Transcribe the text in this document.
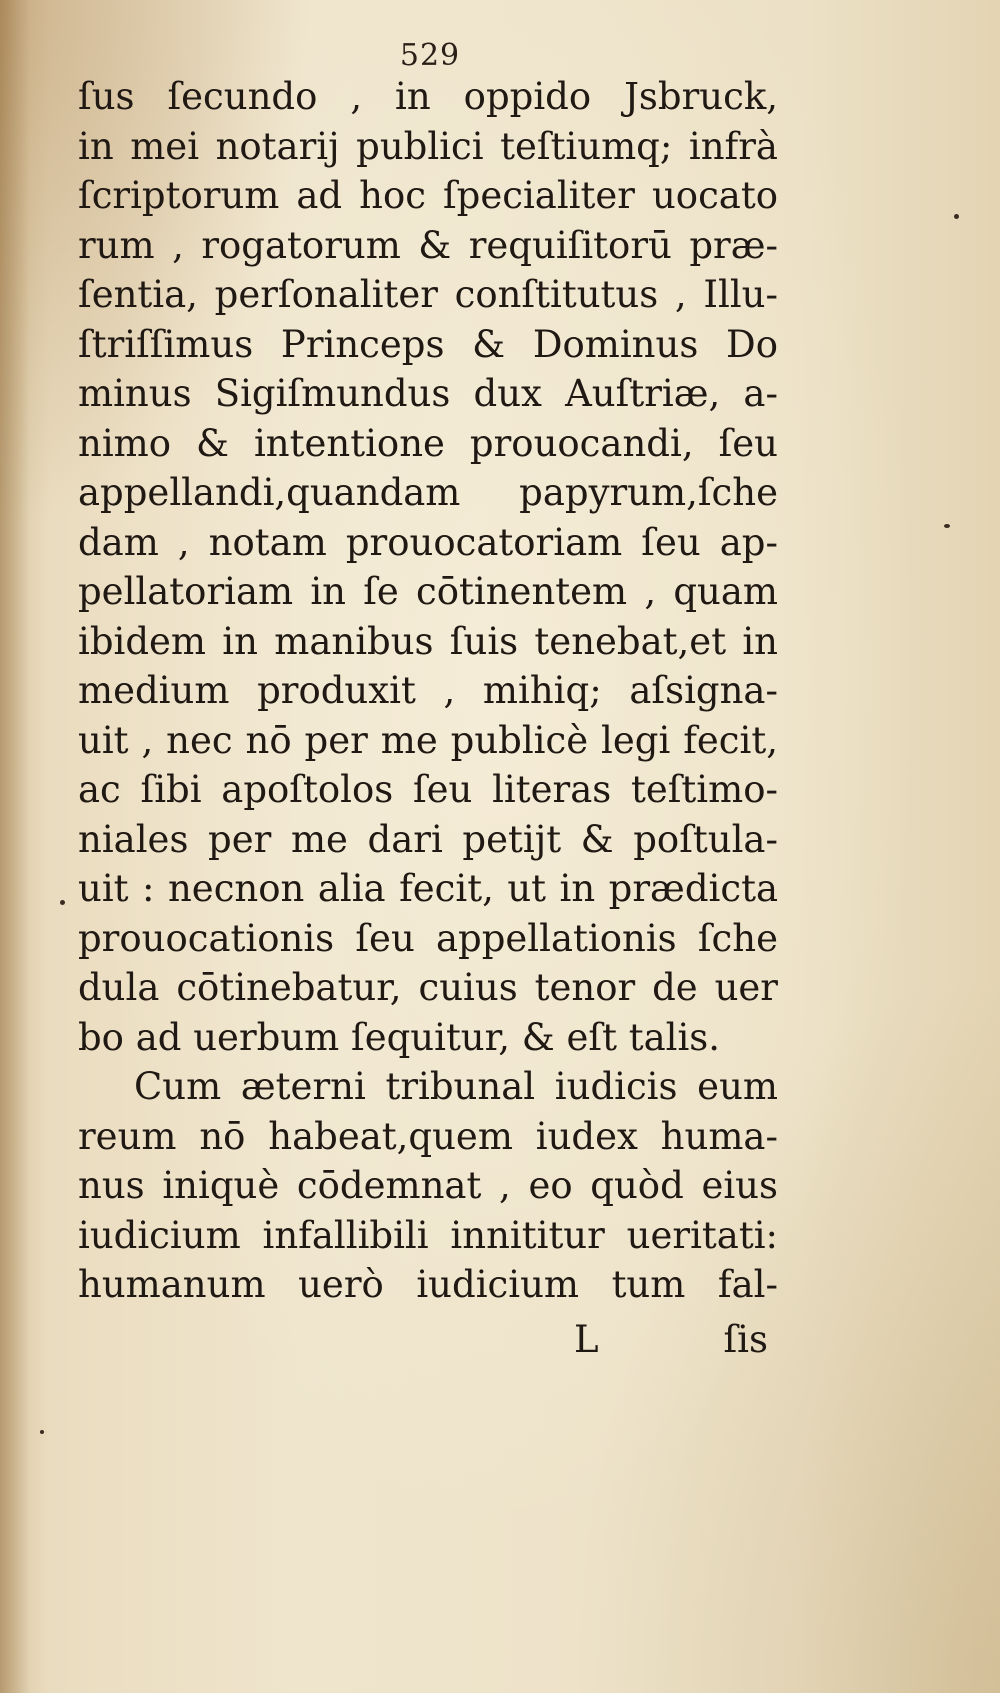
529
ſus ſecundo , in oppido Jsbruck,
in mei notarij publici teſtiumq; infrà
ſcriptorum ad hoc ſpecialiter uocato
rum , rogatorum & requiſitorū præ-
ſentia, perſonaliter conſtitutus , Illu-
ſtriſſimus Princeps & Dominus Do
minus Sigiſmundus dux Auſtriæ, a-
nimo & intentione prouocandi, ſeu
appellandi,quandam papyrum,ſche
dam , notam prouocatoriam ſeu ap-
pellatoriam in ſe cōtinentem , quam
ibidem in manibus ſuis tenebat,et in
medium produxit , mihiq; aſsigna-
uit , nec nō per me publicè legi fecit,
ac ſibi apoſtolos ſeu literas teſtimo-
niales per me dari petijt & poſtula-
uit : necnon alia fecit, ut in prædicta
prouocationis ſeu appellationis ſche
dula cōtinebatur, cuius tenor de uer
bo ad uerbum ſequitur, & eſt talis.
Cum æterni tribunal iudicis eum
reum nō habeat,quem iudex huma-
nus iniquè cōdemnat , eo quòd eius
iudicium infallibili innititur ueritati:
humanum uerò iudicium tum fal-
L	ſis
